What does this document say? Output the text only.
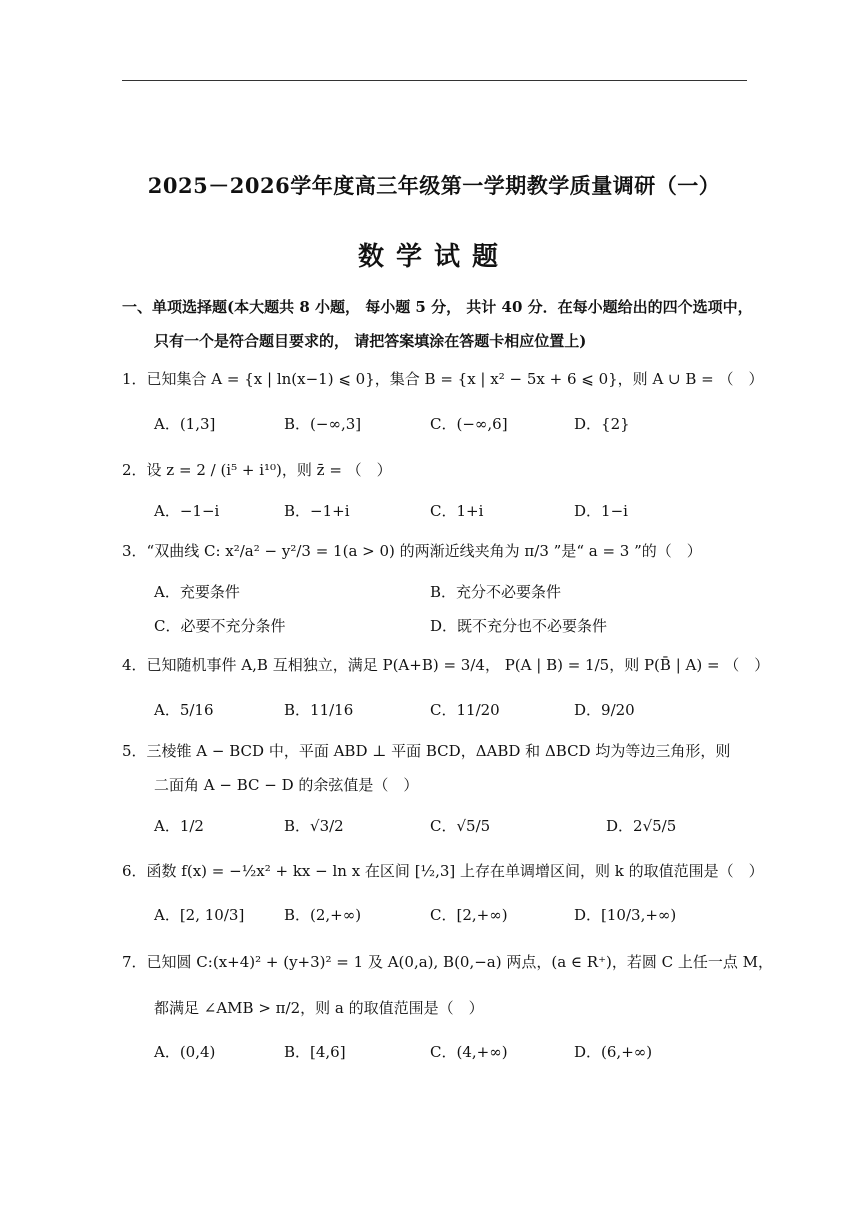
2025－2026学年度高三年级第一学期教学质量调研（一）
数学试题
一、单项选择题(本大题共 8 小题， 每小题 5 分， 共计 40 分．在每小题给出的四个选项中，
只有一个是符合题目要求的， 请把答案填涂在答题卡相应位置上)
1．已知集合 A = {x | ln(x−1) ⩽ 0}，集合 B = {x | x² − 5x + 6 ⩽ 0}，则 A ∪ B = （　）
A．(1,3]	B．(−∞,3]	C．(−∞,6]	D．{2}
2．设 z = 2 / (i⁵ + i¹⁰)，则 z̄ = （　）
A．−1−i	B．−1+i	C．1+i	D．1−i
3．“双曲线 C: x²/a² − y²/3 = 1(a > 0) 的两渐近线夹角为 π/3 ”是“ a = 3 ”的（　）
A．充要条件	B．充分不必要条件
C．必要不充分条件	D．既不充分也不必要条件
4．已知随机事件 A,B 互相独立，满足 P(A+B) = 3/4， P(A | B) = 1/5，则 P(B̄ | A) = （　）
A．5/16	B．11/16	C．11/20	D．9/20
5．三棱锥 A − BCD 中，平面 ABD ⊥ 平面 BCD，ΔABD 和 ΔBCD 均为等边三角形，则
二面角 A − BC − D 的余弦值是（　）
A．1/2	B．√3/2	C．√5/5	D．2√5/5
6．函数 f(x) = −½x² + kx − ln x 在区间 [½,3] 上存在单调增区间，则 k 的取值范围是（　）
A．[2, 10/3]	B．(2,+∞)	C．[2,+∞)	D．[10/3,+∞)
7．已知圆 C:(x+4)² + (y+3)² = 1 及 A(0,a), B(0,−a) 两点，(a ∈ R⁺)，若圆 C 上任一点 M，
都满足 ∠AMB > π/2，则 a 的取值范围是（　）
A．(0,4)	B．[4,6]	C．(4,+∞)	D．(6,+∞)
